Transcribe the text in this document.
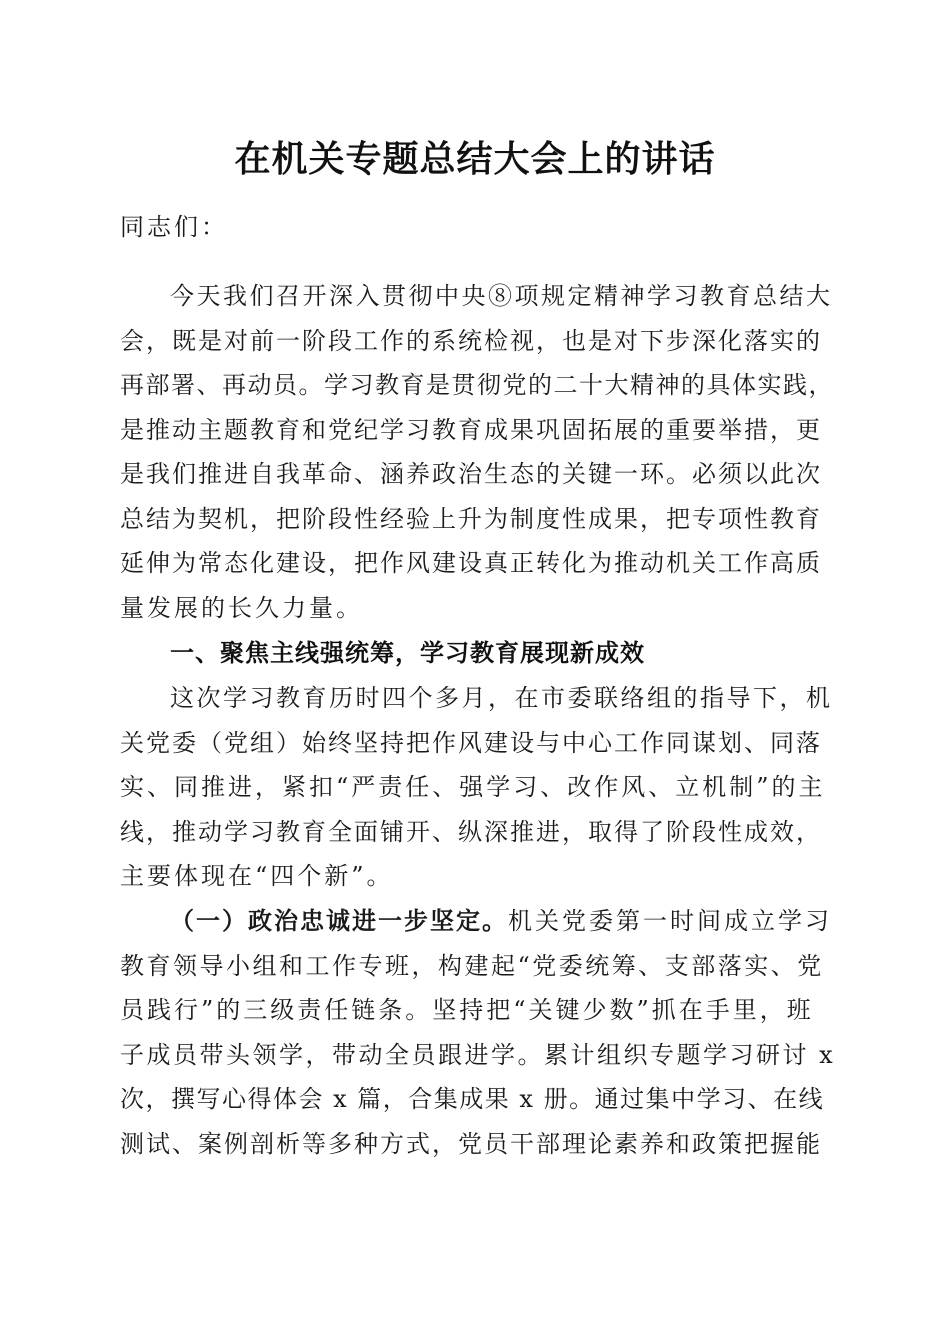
在机关专题总结大会上的讲话
同志们：
今天我们召开深入贯彻中央⑧项规定精神学习教育总结大
会，既是对前一阶段工作的系统检视，也是对下步深化落实的
再部署、再动员。学习教育是贯彻党的二十大精神的具体实践，
是推动主题教育和党纪学习教育成果巩固拓展的重要举措，更
是我们推进自我革命、涵养政治生态的关键一环。必须以此次
总结为契机，把阶段性经验上升为制度性成果，把专项性教育
延伸为常态化建设，把作风建设真正转化为推动机关工作高质
量发展的长久力量。
一、聚焦主线强统筹，学习教育展现新成效
这次学习教育历时四个多月，在市委联络组的指导下，机
关党委（党组）始终坚持把作风建设与中心工作同谋划、同落
实、同推进，紧扣“严责任、强学习、改作风、立机制”的主
线，推动学习教育全面铺开、纵深推进，取得了阶段性成效，
主要体现在“四个新”。
（一）政治忠诚进一步坚定。机关党委第一时间成立学习
教育领导小组和工作专班，构建起“党委统筹、支部落实、党
员践行”的三级责任链条。坚持把“关键少数”抓在手里，班
子成员带头领学，带动全员跟进学。累计组织专题学习研讨 x
次，撰写心得体会 x 篇，合集成果 x 册。通过集中学习、在线
测试、案例剖析等多种方式，党员干部理论素养和政策把握能
